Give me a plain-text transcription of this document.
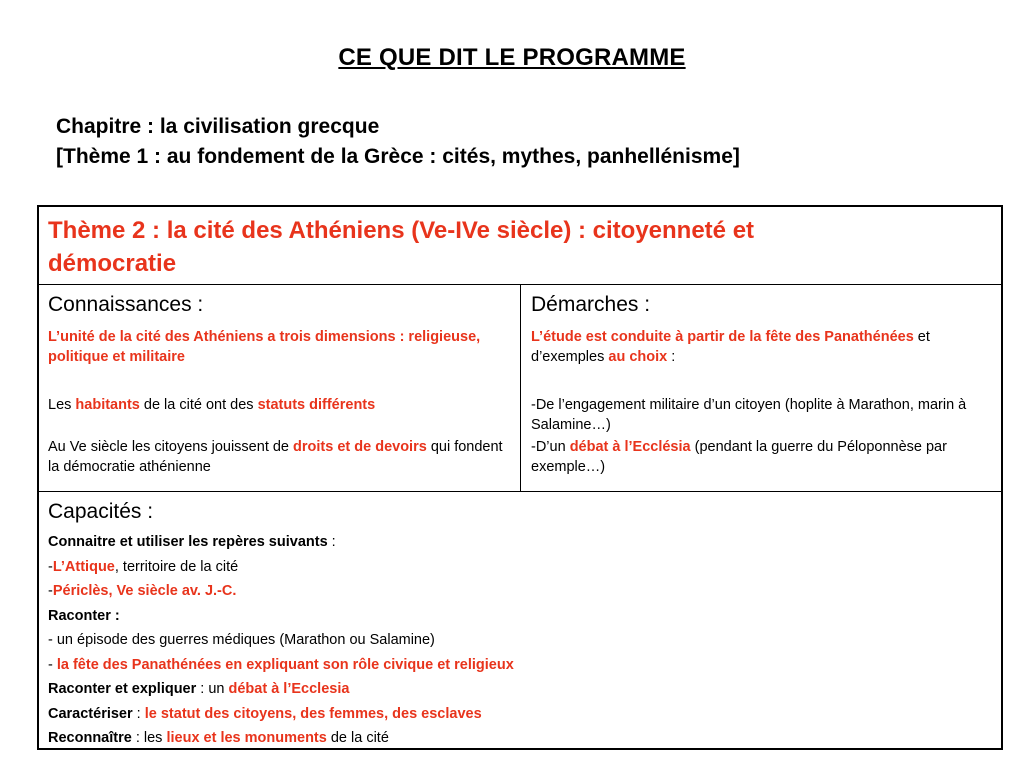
CE QUE DIT LE PROGRAMME
Chapitre : la civilisation grecque
[Thème 1 : au fondement de la Grèce : cités, mythes, panhellénisme]
Thème 2 : la cité des Athéniens (Ve-IVe siècle) : citoyenneté et
démocratie
Connaissances :
L’unité de la cité des Athéniens a trois dimensions : religieuse, politique et militaire
Les habitants de la cité ont des statuts différents
Au Ve siècle les citoyens jouissent de droits et de devoirs qui fondent la démocratie athénienne
Démarches :
L’étude est conduite à partir de la fête des Panathénées et d’exemples au choix :
-De l’engagement militaire d’un citoyen (hoplite à Marathon, marin à Salamine…)
-D’un débat à l’Ecclésia (pendant la guerre du Péloponnèse par exemple…)
Capacités :
Connaitre et utiliser les repères suivants :
-L’Attique, territoire de la cité
-Périclès, Ve siècle av. J.-C.
Raconter :
- un épisode des guerres médiques (Marathon ou Salamine)
- la fête des Panathénées en expliquant son rôle civique et religieux
Raconter et expliquer : un débat à l’Ecclesia
Caractériser : le statut des citoyens, des femmes, des esclaves
Reconnaître : les lieux et les monuments de la cité
